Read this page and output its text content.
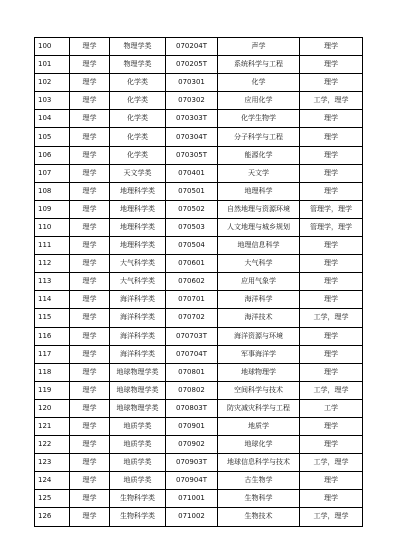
100	理学	物理学类	070204T	声学	理学
101	理学	物理学类	070205T	系统科学与工程	理学
102	理学	化学类	070301	化学	理学
103	理学	化学类	070302	应用化学	工学，理学
104	理学	化学类	070303T	化学生物学	理学
105	理学	化学类	070304T	分子科学与工程	理学
106	理学	化学类	070305T	能源化学	理学
107	理学	天文学类	070401	天文学	理学
108	理学	地理科学类	070501	地理科学	理学
109	理学	地理科学类	070502	自然地理与资源环境	管理学，理学
110	理学	地理科学类	070503	人文地理与城乡规划	管理学，理学
111	理学	地理科学类	070504	地理信息科学	理学
112	理学	大气科学类	070601	大气科学	理学
113	理学	大气科学类	070602	应用气象学	理学
114	理学	海洋科学类	070701	海洋科学	理学
115	理学	海洋科学类	070702	海洋技术	工学，理学
116	理学	海洋科学类	070703T	海洋资源与环境	理学
117	理学	海洋科学类	070704T	军事海洋学	理学
118	理学	地球物理学类	070801	地球物理学	理学
119	理学	地球物理学类	070802	空间科学与技术	工学，理学
120	理学	地球物理学类	070803T	防灾减灾科学与工程	工学
121	理学	地质学类	070901	地质学	理学
122	理学	地质学类	070902	地球化学	理学
123	理学	地质学类	070903T	地球信息科学与技术	工学，理学
124	理学	地质学类	070904T	古生物学	理学
125	理学	生物科学类	071001	生物科学	理学
126	理学	生物科学类	071002	生物技术	工学，理学
